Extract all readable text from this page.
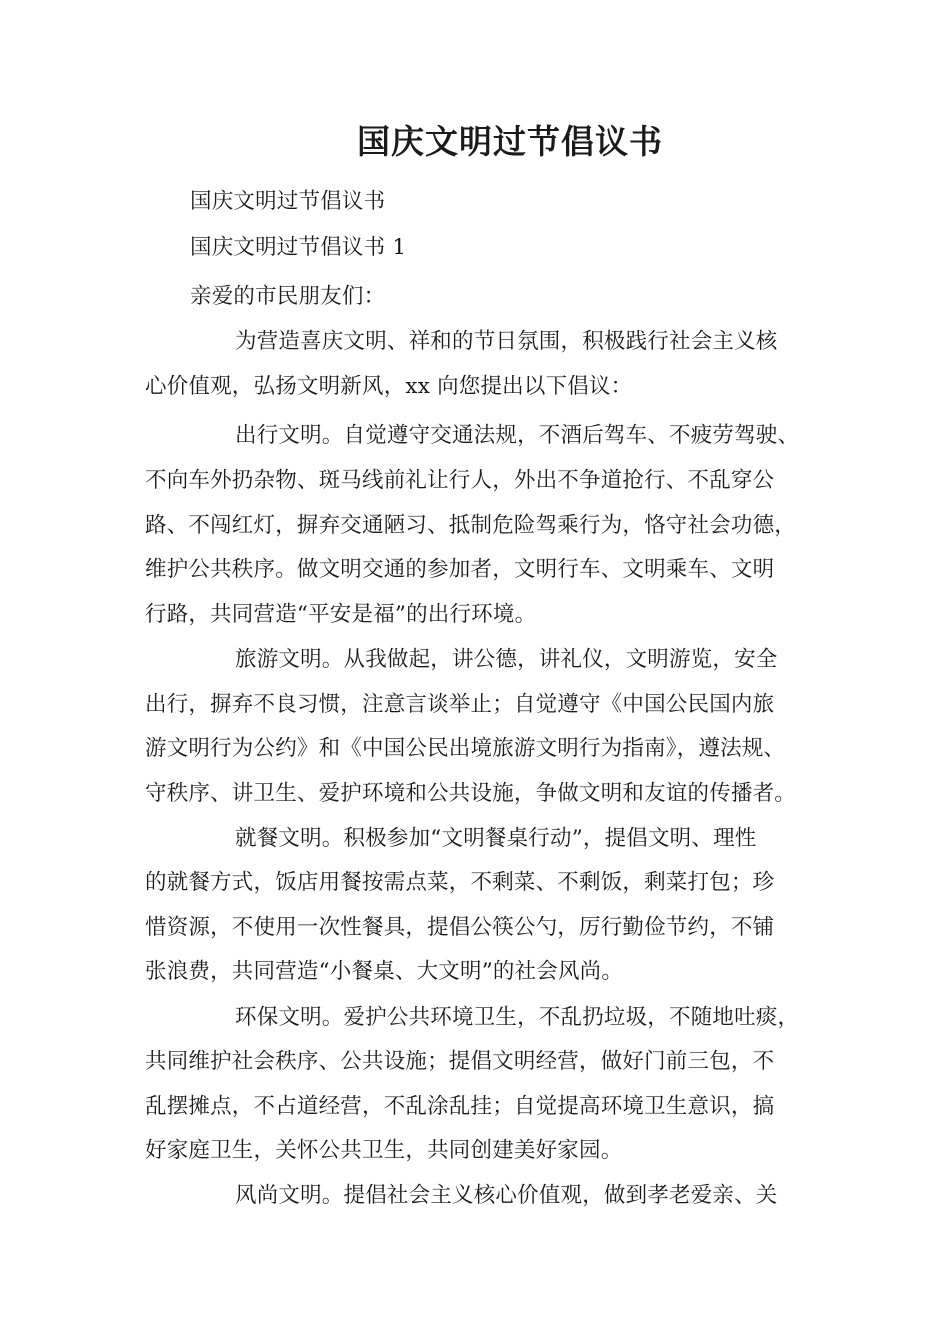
国庆文明过节倡议书
国庆文明过节倡议书
国庆文明过节倡议书 1
亲爱的市民朋友们：
为营造喜庆文明、祥和的节日氛围，积极践行社会主义核
心价值观，弘扬文明新风，xx 向您提出以下倡议：
出行文明。自觉遵守交通法规，不酒后驾车、不疲劳驾驶、
不向车外扔杂物、斑马线前礼让行人，外出不争道抢行、不乱穿公
路、不闯红灯，摒弃交通陋习、抵制危险驾乘行为，恪守社会功德，
维护公共秩序。做文明交通的参加者，文明行车、文明乘车、文明
行路，共同营造“平安是福”的出行环境。
旅游文明。从我做起，讲公德，讲礼仪，文明游览，安全
出行，摒弃不良习惯，注意言谈举止；自觉遵守《中国公民国内旅
游文明行为公约》和《中国公民出境旅游文明行为指南》，遵法规、
守秩序、讲卫生、爱护环境和公共设施，争做文明和友谊的传播者。
就餐文明。积极参加“文明餐桌行动”，提倡文明、理性
的就餐方式，饭店用餐按需点菜，不剩菜、不剩饭，剩菜打包；珍
惜资源，不使用一次性餐具，提倡公筷公勺，厉行勤俭节约，不铺
张浪费，共同营造“小餐桌、大文明”的社会风尚。
环保文明。爱护公共环境卫生，不乱扔垃圾，不随地吐痰，
共同维护社会秩序、公共设施；提倡文明经营，做好门前三包，不
乱摆摊点，不占道经营，不乱涂乱挂；自觉提高环境卫生意识，搞
好家庭卫生，关怀公共卫生，共同创建美好家园。
风尚文明。提倡社会主义核心价值观，做到孝老爱亲、关
